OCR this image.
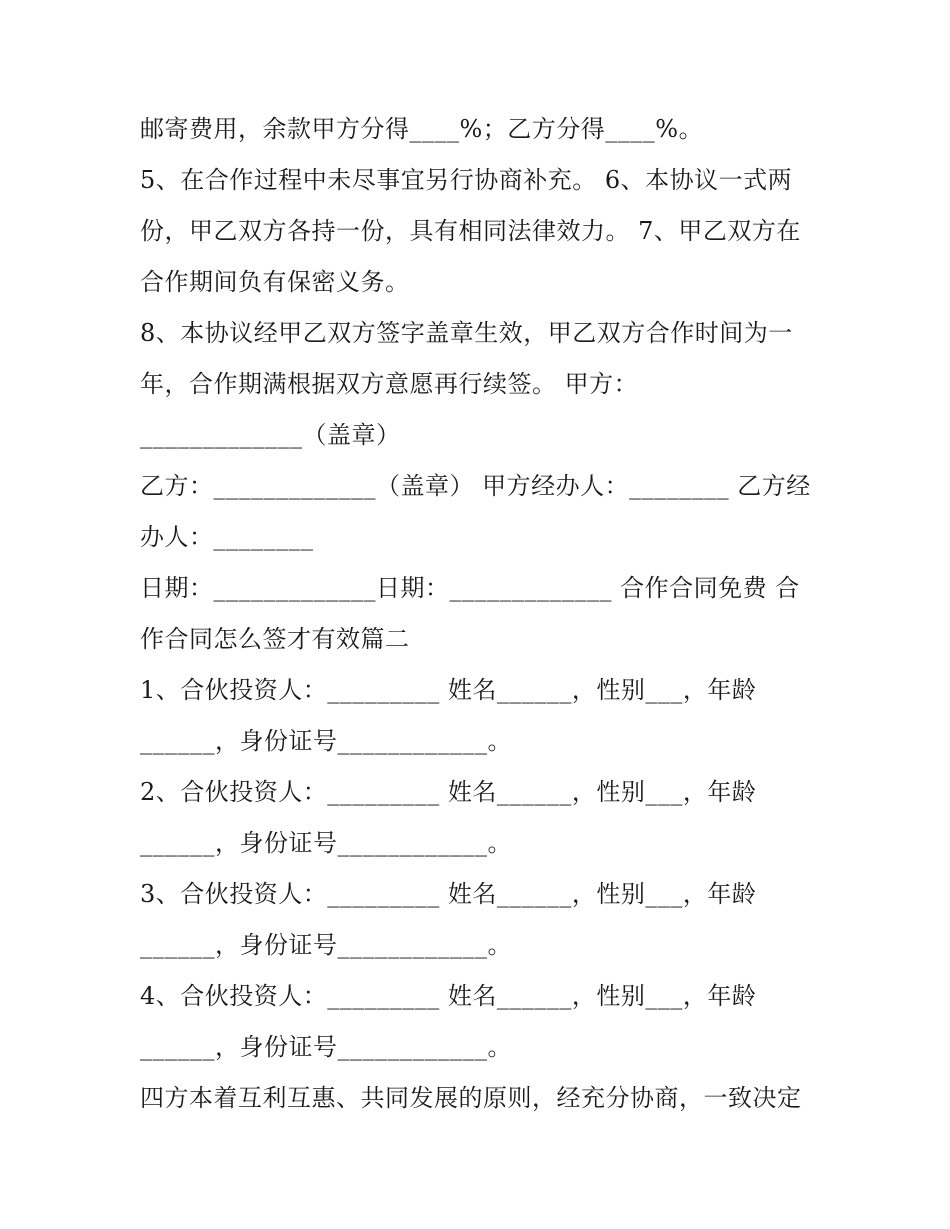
邮寄费用，余款甲方分得____%；乙方分得____%。
5、在合作过程中未尽事宜另行协商补充。 6、本协议一式两
份，甲乙双方各持一份，具有相同法律效力。 7、甲乙双方在
合作期间负有保密义务。
8、本协议经甲乙双方签字盖章生效，甲乙双方合作时间为一
年，合作期满根据双方意愿再行续签。 甲方：
_____________（盖章）
乙方：_____________（盖章） 甲方经办人：________ 乙方经
办人：________
日期：_____________日期：_____________ 合作合同免费 合
作合同怎么签才有效篇二
1、合伙投资人：_________ 姓名______，性别___，年龄
______，身份证号____________。
2、合伙投资人：_________ 姓名______，性别___，年龄
______，身份证号____________。
3、合伙投资人：_________ 姓名______，性别___，年龄
______，身份证号____________。
4、合伙投资人：_________ 姓名______，性别___，年龄
______，身份证号____________。
四方本着互利互惠、共同发展的原则，经充分协商，一致决定
